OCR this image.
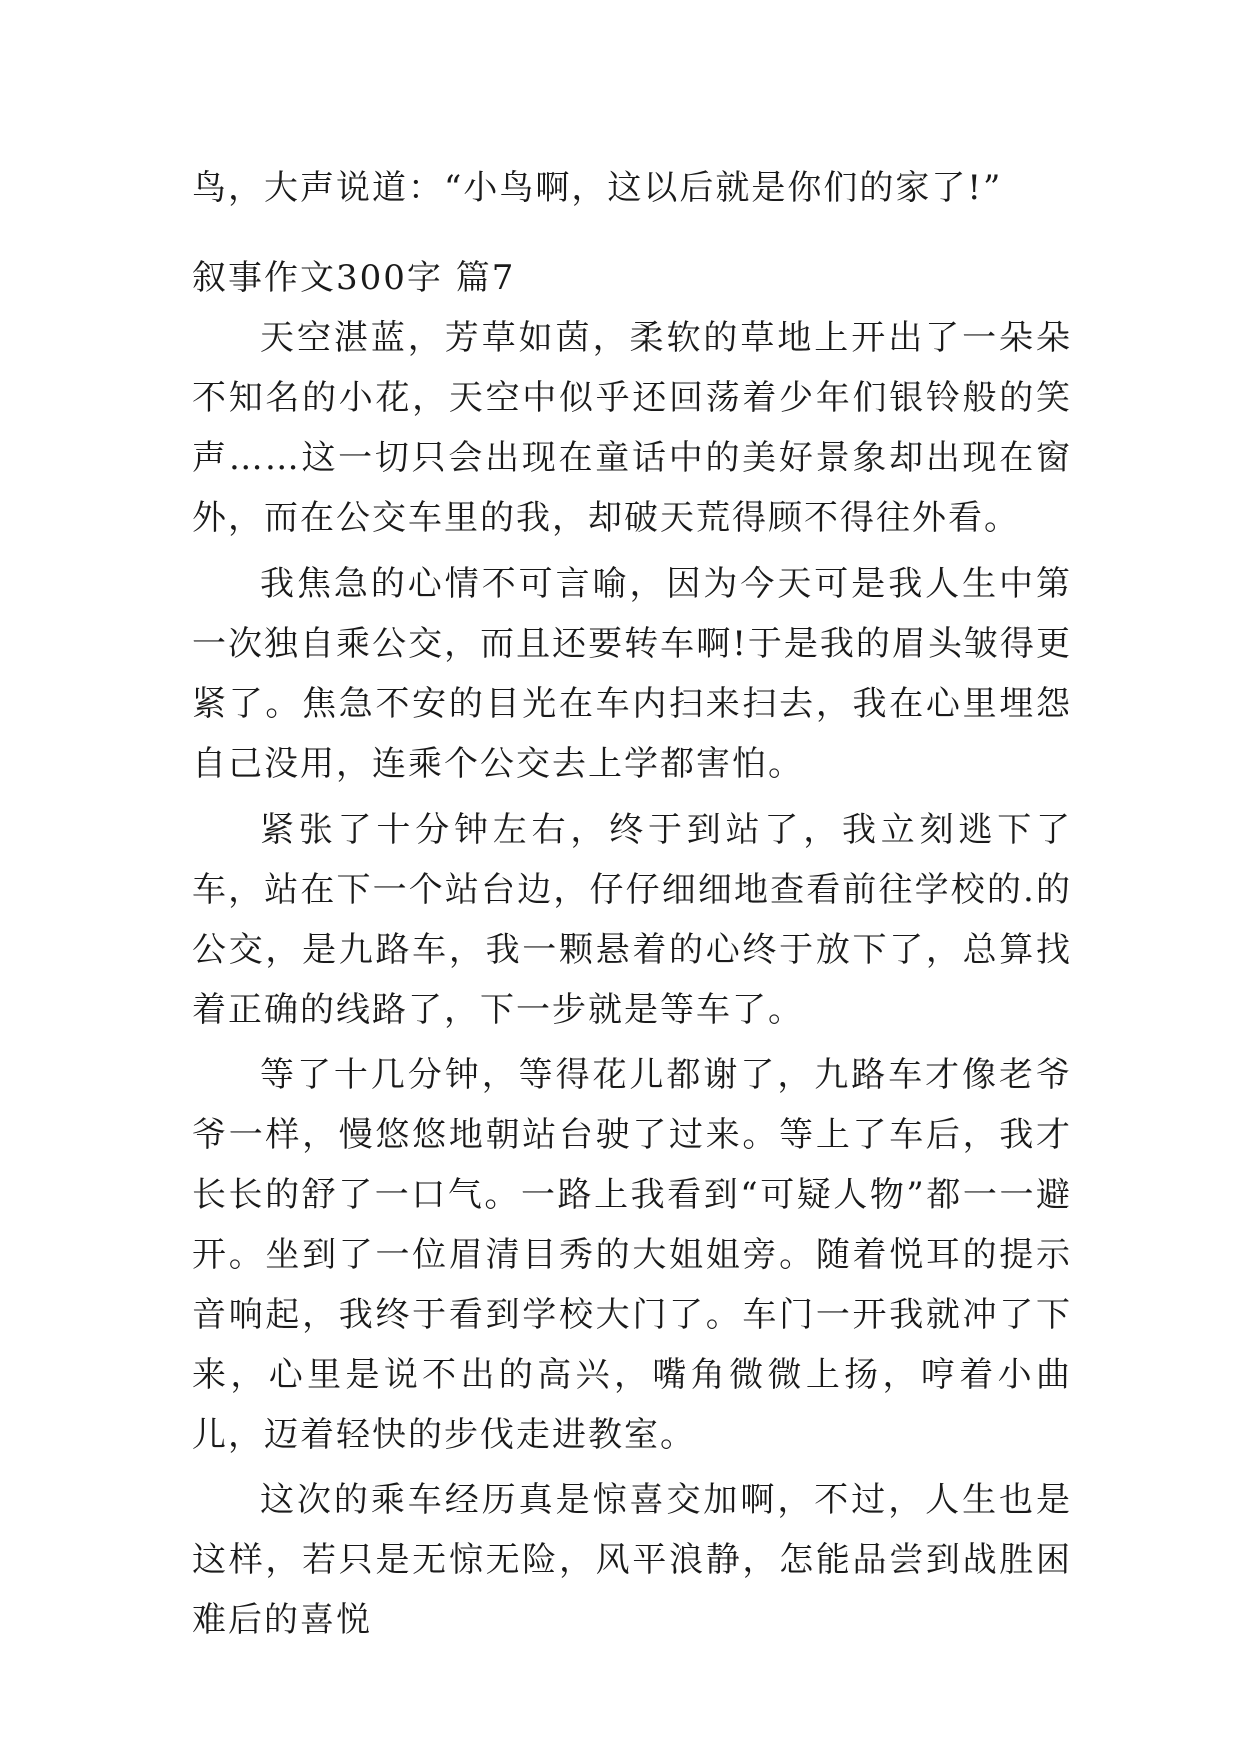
鸟，大声说道：“小鸟啊，这以后就是你们的家了!”
叙事作文300字 篇7

天空湛蓝，芳草如茵，柔软的草地上开出了一朵朵不知名的小花，天空中似乎还回荡着少年们银铃般的笑声……这一切只会出现在童话中的美好景象却出现在窗外，而在公交车里的我，却破天荒得顾不得往外看。

我焦急的心情不可言喻，因为今天可是我人生中第一次独自乘公交，而且还要转车啊!于是我的眉头皱得更紧了。焦急不安的目光在车内扫来扫去，我在心里埋怨自己没用，连乘个公交去上学都害怕。

紧张了十分钟左右，终于到站了，我立刻逃下了车，站在下一个站台边，仔仔细细地查看前往学校的.的公交，是九路车，我一颗悬着的心终于放下了，总算找着正确的线路了，下一步就是等车了。

等了十几分钟，等得花儿都谢了，九路车才像老爷爷一样，慢悠悠地朝站台驶了过来。等上了车后，我才长长的舒了一口气。一路上我看到“可疑人物”都一一避开。坐到了一位眉清目秀的大姐姐旁。随着悦耳的提示音响起，我终于看到学校大门了。车门一开我就冲了下来，心里是说不出的高兴，嘴角微微上扬，哼着小曲儿，迈着轻快的步伐走进教室。

这次的乘车经历真是惊喜交加啊，不过，人生也是这样，若只是无惊无险，风平浪静，怎能品尝到战胜困难后的喜悦
